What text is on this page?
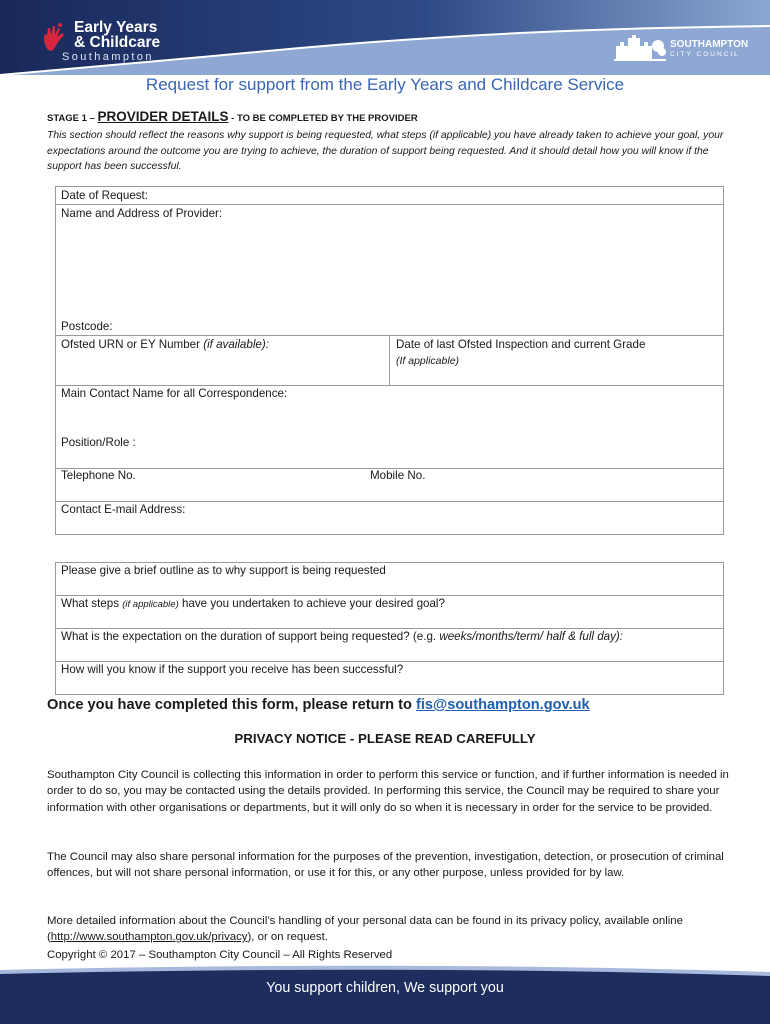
Early Years
& Childcare
Southampton
SOUTHAMPTON
CITY COUNCIL
Request for support from the Early Years and Childcare Service
STAGE 1 – PROVIDER DETAILS - TO BE COMPLETED BY THE PROVIDER
This section should reflect the reasons why support is being requested, what steps (if applicable) you have already taken to achieve your goal, your expectations around the outcome you are trying to achieve, the duration of support being requested. And it should detail how you will know if the support has been successful.
Date of Request:
Name and Address of Provider:
Postcode:
Ofsted URN or EY Number (if available):	Date of last Ofsted Inspection and current Grade
(If applicable)
Main Contact Name for all Correspondence:
Position/Role :
Telephone No.	Mobile No.
Contact E-mail Address:
Please give a brief outline as to why support is being requested
What steps (if applicable) have you undertaken to achieve your desired goal?
What is the expectation on the duration of support being requested? (e.g. weeks/months/term/ half & full day):
How will you know if the support you receive has been successful?
Once you have completed this form, please return to fis@southampton.gov.uk
PRIVACY NOTICE - PLEASE READ CAREFULLY
Southampton City Council is collecting this information in order to perform this service or function, and if further information is needed in order to do so, you may be contacted using the details provided. In performing this service, the Council may be required to share your information with other organisations or departments, but it will only do so when it is necessary in order for the service to be provided.
The Council may also share personal information for the purposes of the prevention, investigation, detection, or prosecution of criminal offences, but will not share personal information, or use it for this, or any other purpose, unless provided for by law.
More detailed information about the Council’s handling of your personal data can be found in its privacy policy, available online (http://www.southampton.gov.uk/privacy), or on request.
Copyright © 2017 – Southampton City Council – All Rights Reserved
You support children, We support you
